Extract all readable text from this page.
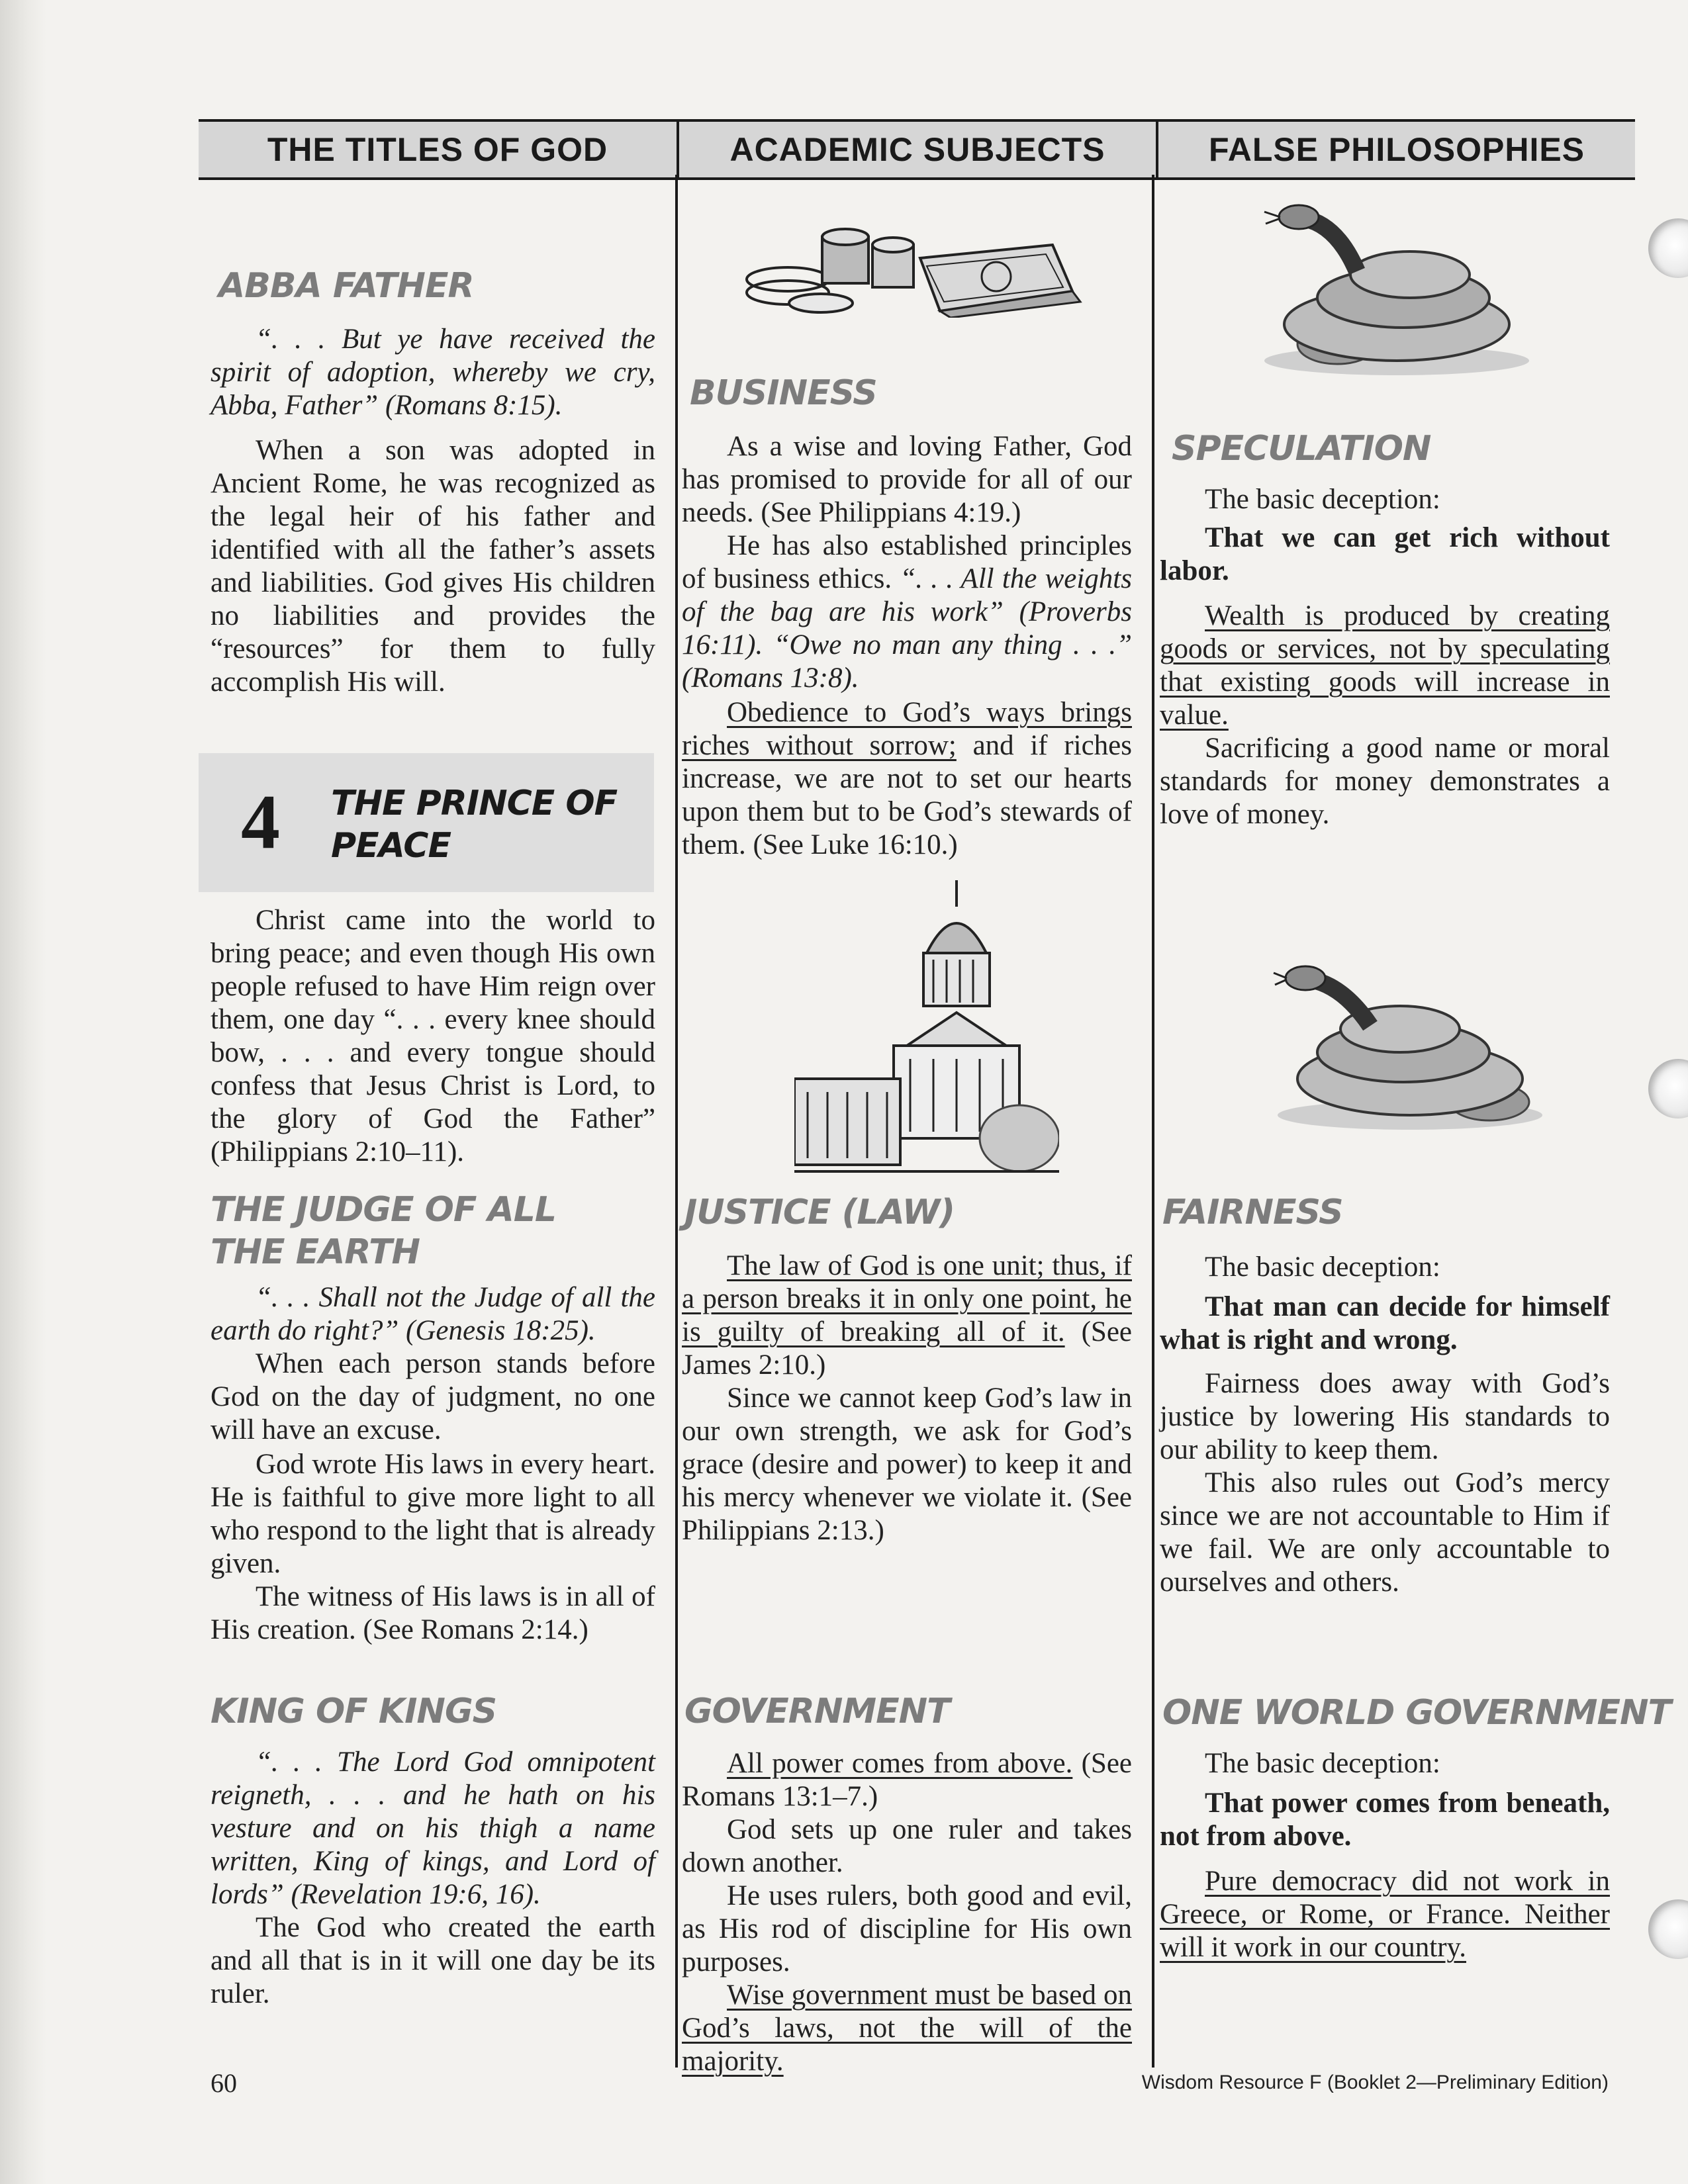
THE TITLES OF GOD	ACADEMIC SUBJECTS	FALSE PHILOSOPHIES
ABBA FATHER

“. . . But ye have received the spirit of adoption, whereby we cry, Abba, Father” (Romans 8:15).

When a son was adopted in Ancient Rome, he was recognized as the legal heir of his father and identified with all the father’s assets and liabilities. God gives His children no liabilities and provides the “resources” for them to fully accomplish His will.

4 THE PRINCE OF PEACE

Christ came into the world to bring peace; and even though His own people refused to have Him reign over them, one day “. . . every knee should bow, . . . and every tongue should confess that Jesus Christ is Lord, to the glory of God the Father” (Philippians 2:10–11).

THE JUDGE OF ALL THE EARTH

“. . . Shall not the Judge of all the earth do right?” (Genesis 18:25).

When each person stands before God on the day of judgment, no one will have an excuse.

God wrote His laws in every heart. He is faithful to give more light to all who respond to the light that is already given.

The witness of His laws is in all of His creation. (See Romans 2:14.)

KING OF KINGS

“. . . The Lord God omnipotent reigneth, . . . and he hath on his vesture and on his thigh a name written, King of kings, and Lord of lords” (Revelation 19:6, 16).

The God who created the earth and all that is in it will one day be its ruler.

BUSINESS

As a wise and loving Father, God has promised to provide for all of our needs. (See Philippians 4:19.)

He has also established principles of business ethics. “. . . All the weights of the bag are his work” (Proverbs 16:11). “Owe no man any thing . . .” (Romans 13:8).

Obedience to God’s ways brings riches without sorrow; and if riches increase, we are not to set our hearts upon them but to be God’s stewards of them. (See Luke 16:10.)

JUSTICE (LAW)

The law of God is one unit; thus, if a person breaks it in only one point, he is guilty of breaking all of it. (See James 2:10.)

Since we cannot keep God’s law in our own strength, we ask for God’s grace (desire and power) to keep it and his mercy whenever we violate it. (See Philippians 2:13.)

GOVERNMENT

All power comes from above. (See Romans 13:1–7.)

God sets up one ruler and takes down another.

He uses rulers, both good and evil, as His rod of discipline for His own purposes.

Wise government must be based on God’s laws, not the will of the majority.

SPECULATION

The basic deception:

That we can get rich without labor.

Wealth is produced by creating goods or services, not by speculating that existing goods will increase in value.

Sacrificing a good name or moral standards for money demonstrates a love of money.

FAIRNESS

The basic deception:

That man can decide for himself what is right and wrong.

Fairness does away with God’s justice by lowering His standards to our ability to keep them.

This also rules out God’s mercy since we are not accountable to Him if we fail. We are only accountable to ourselves and others.

ONE WORLD GOVERNMENT

The basic deception:

That power comes from beneath, not from above.

Pure democracy did not work in Greece, or Rome, or France. Neither will it work in our country.

60	Wisdom Resource F (Booklet 2—Preliminary Edition)
